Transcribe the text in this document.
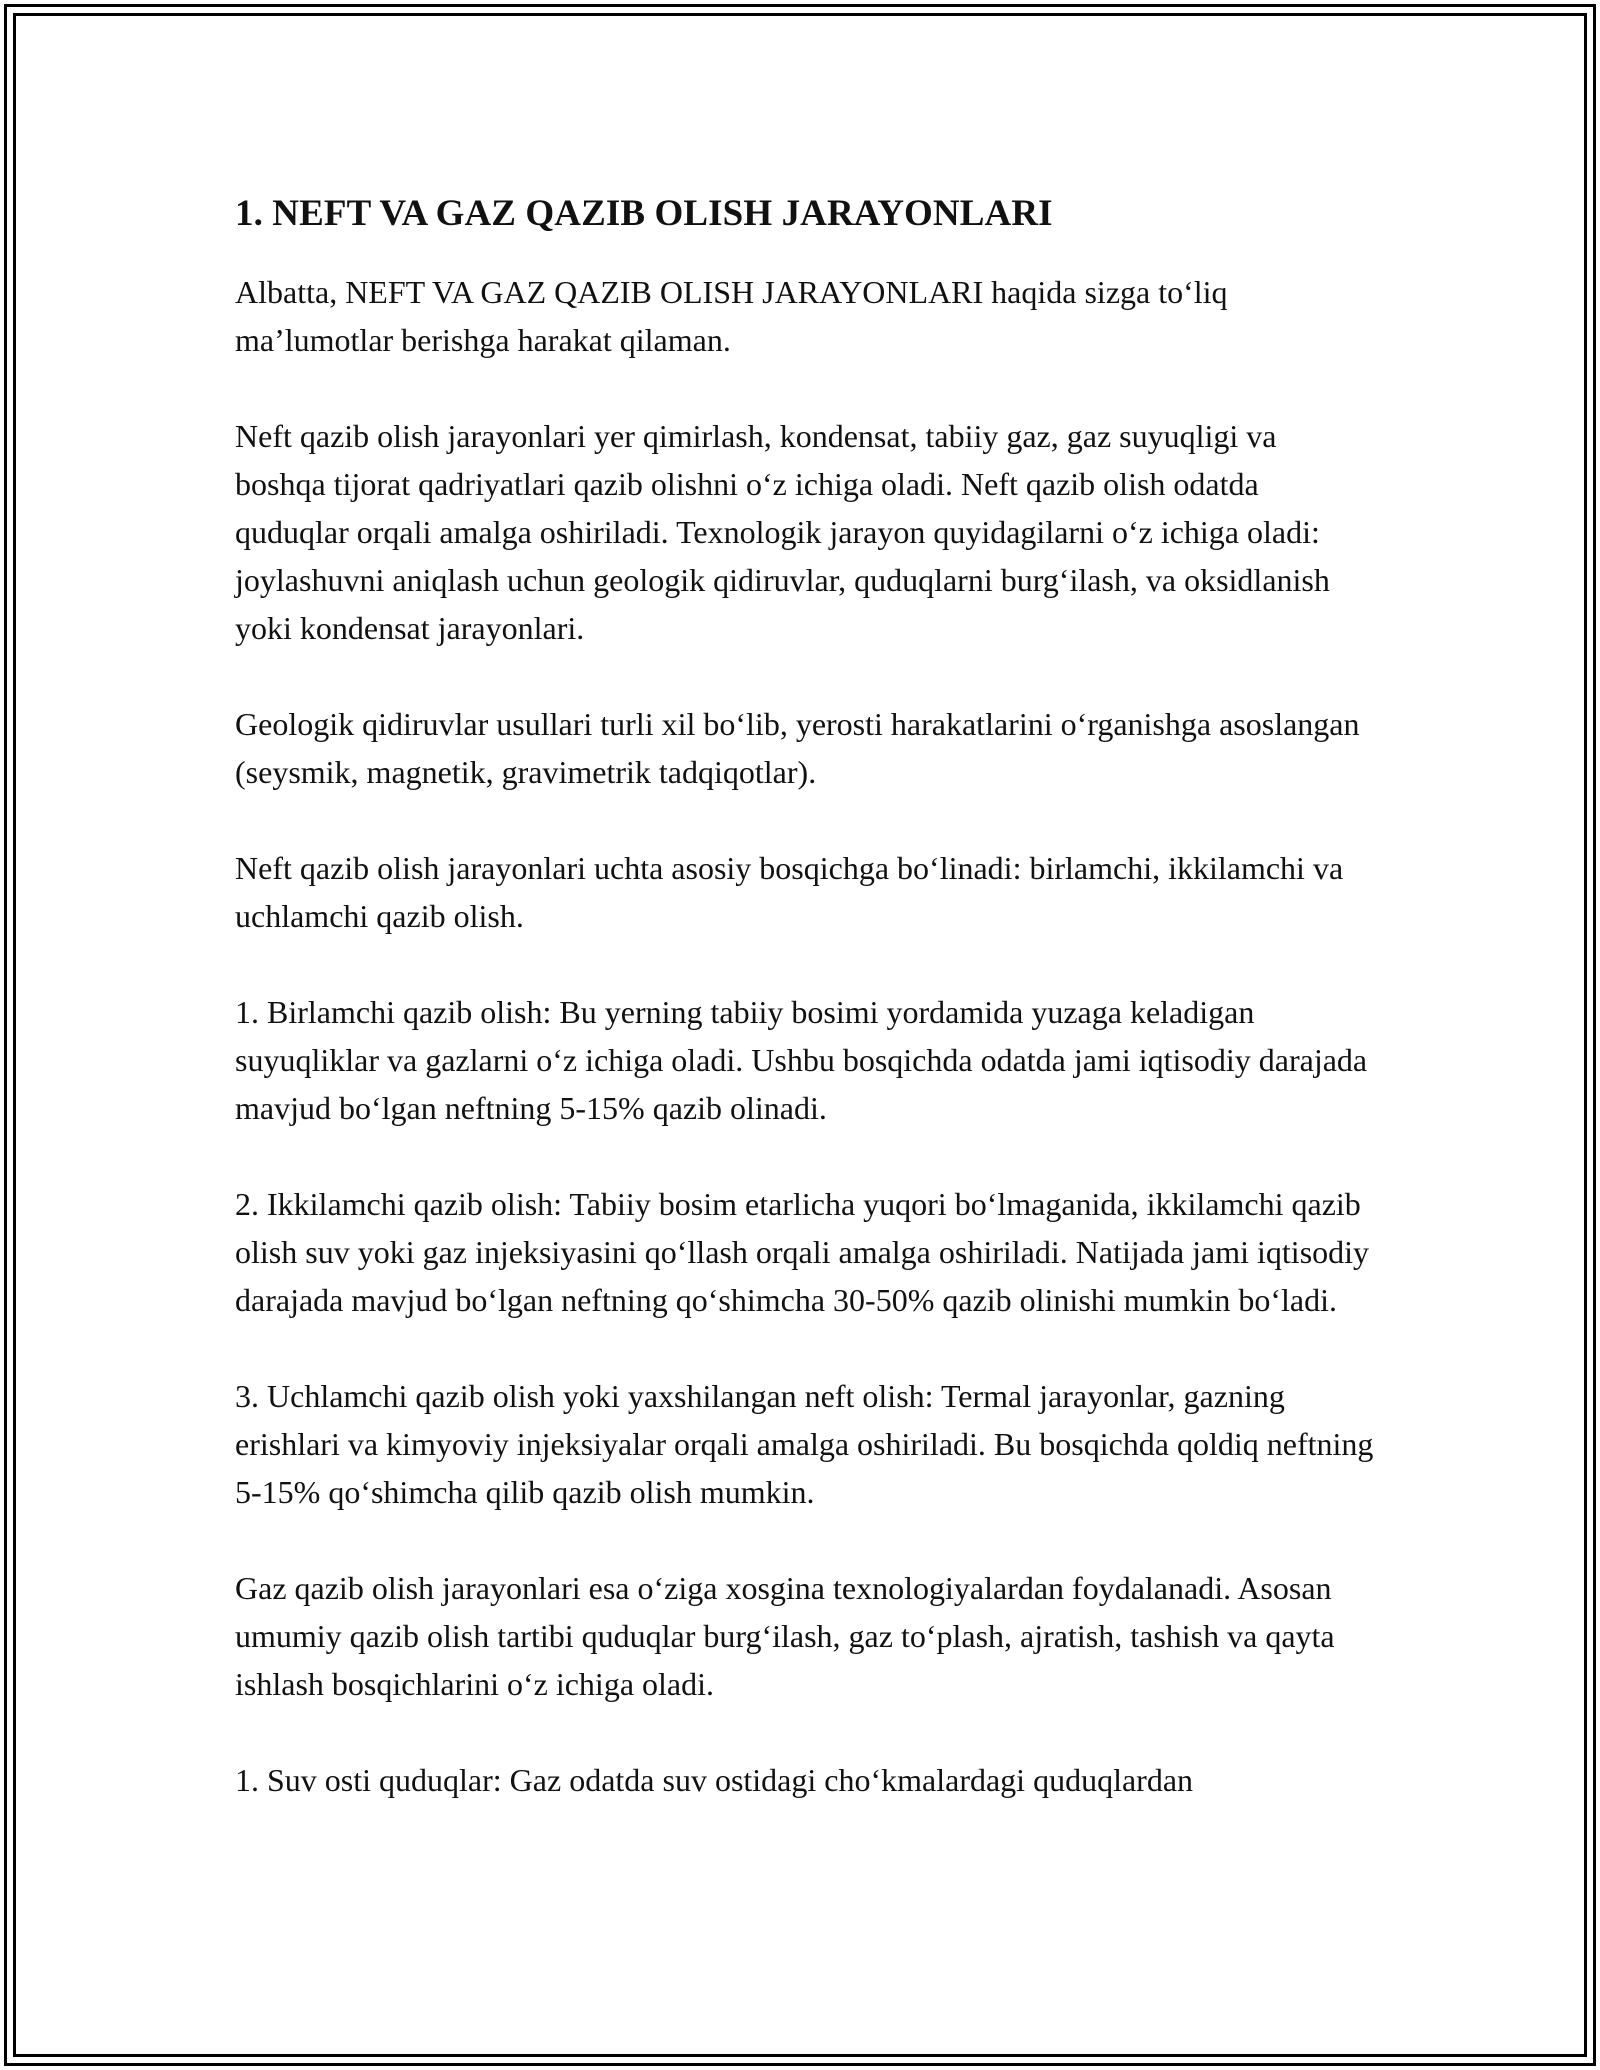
1. NEFT VA GAZ QAZIB OLISH JARAYONLARI

Albatta, NEFT VA GAZ QAZIB OLISH JARAYONLARI haqida sizga to‘liq ma’lumotlar berishga harakat qilaman.

Neft qazib olish jarayonlari yer qimirlash, kondensat, tabiiy gaz, gaz suyuqligi va boshqa tijorat qadriyatlari qazib olishni o‘z ichiga oladi. Neft qazib olish odatda quduqlar orqali amalga oshiriladi. Texnologik jarayon quyidagilarni o‘z ichiga oladi: joylashuvni aniqlash uchun geologik qidiruvlar, quduqlarni burg‘ilash, va oksidlanish yoki kondensat jarayonlari.

Geologik qidiruvlar usullari turli xil bo‘lib, yerosti harakatlarini o‘rganishga asoslangan (seysmik, magnetik, gravimetrik tadqiqotlar).

Neft qazib olish jarayonlari uchta asosiy bosqichga bo‘linadi: birlamchi, ikkilamchi va uchlamchi qazib olish.

1. Birlamchi qazib olish: Bu yerning tabiiy bosimi yordamida yuzaga keladigan suyuqliklar va gazlarni o‘z ichiga oladi. Ushbu bosqichda odatda jami iqtisodiy darajada mavjud bo‘lgan neftning 5-15% qazib olinadi.

2. Ikkilamchi qazib olish: Tabiiy bosim etarlicha yuqori bo‘lmaganida, ikkilamchi qazib olish suv yoki gaz injeksiyasini qo‘llash orqali amalga oshiriladi. Natijada jami iqtisodiy darajada mavjud bo‘lgan neftning qo‘shimcha 30-50% qazib olinishi mumkin bo‘ladi.

3. Uchlamchi qazib olish yoki yaxshilangan neft olish: Termal jarayonlar, gazning erishlari va kimyoviy injeksiyalar orqali amalga oshiriladi. Bu bosqichda qoldiq neftning 5-15% qo‘shimcha qilib qazib olish mumkin.

Gaz qazib olish jarayonlari esa o‘ziga xosgina texnologiyalardan foydalanadi. Asosan umumiy qazib olish tartibi quduqlar burg‘ilash, gaz to‘plash, ajratish, tashish va qayta ishlash bosqichlarini o‘z ichiga oladi.

1. Suv osti quduqlar: Gaz odatda suv ostidagi cho‘kmalardagi quduqlardan
